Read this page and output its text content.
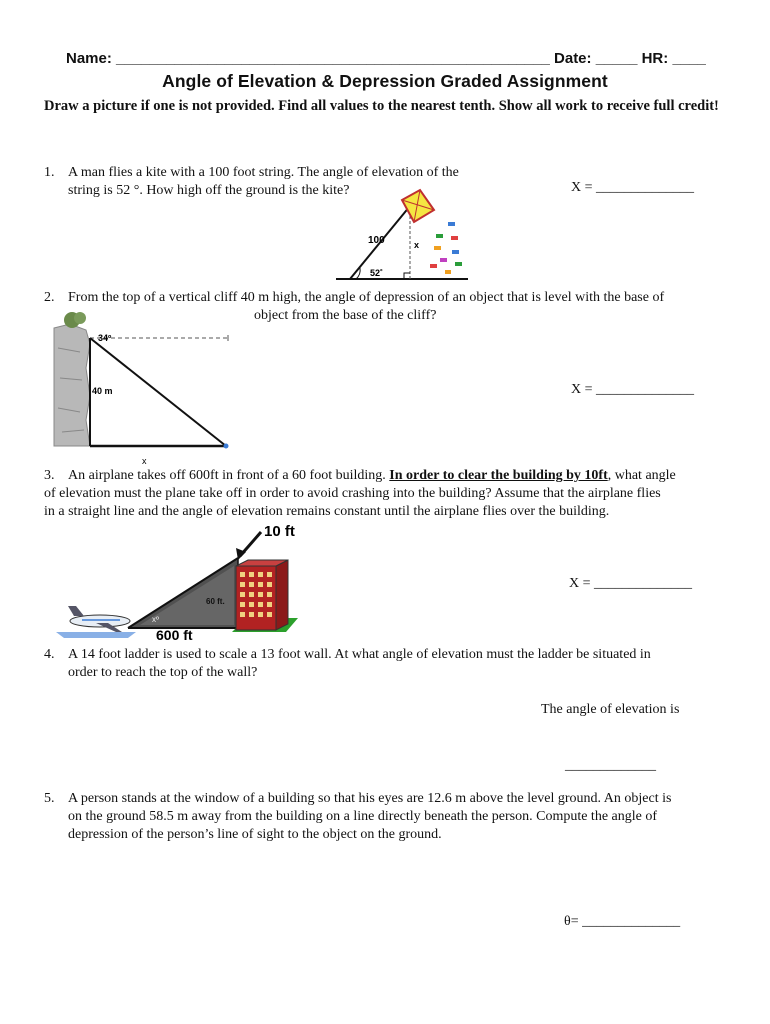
Name: ____________________________________________________ Date: _____ HR: ____
Angle of Elevation & Depression Graded Assignment
Draw a picture if one is not provided. Find all values to the nearest tenth. Show all work to receive full credit!
1. A man flies a kite with a 100 foot string. The angle of elevation of the
string is 52 °. How high off the ground is the kite?	X = ______________
100	x
52˚
2. From the top of a vertical cliff 40 m high, the angle of depression of an object that is level with the base of
object from the base of the cliff?
X = ______________
34º
40 m
x
3. An airplane takes off 600ft in front of a 60 foot building. In order to clear the building by 10ft, what angle
of elevation must the plane take off in order to avoid crashing into the building? Assume that the airplane flies
in a straight line and the angle of elevation remains constant until the airplane flies over the building.
X = ______________
10 ft
60 ft.
xº
600 ft
4. A 14 foot ladder is used to scale a 13 foot wall. At what angle of elevation must the ladder be situated in
order to reach the top of the wall?
The angle of elevation is
_____________
5. A person stands at the window of a building so that his eyes are 12.6 m above the level ground. An object is
on the ground 58.5 m away from the building on a line directly beneath the person. Compute the angle of
depression of the person’s line of sight to the object on the ground.
θ= ______________
